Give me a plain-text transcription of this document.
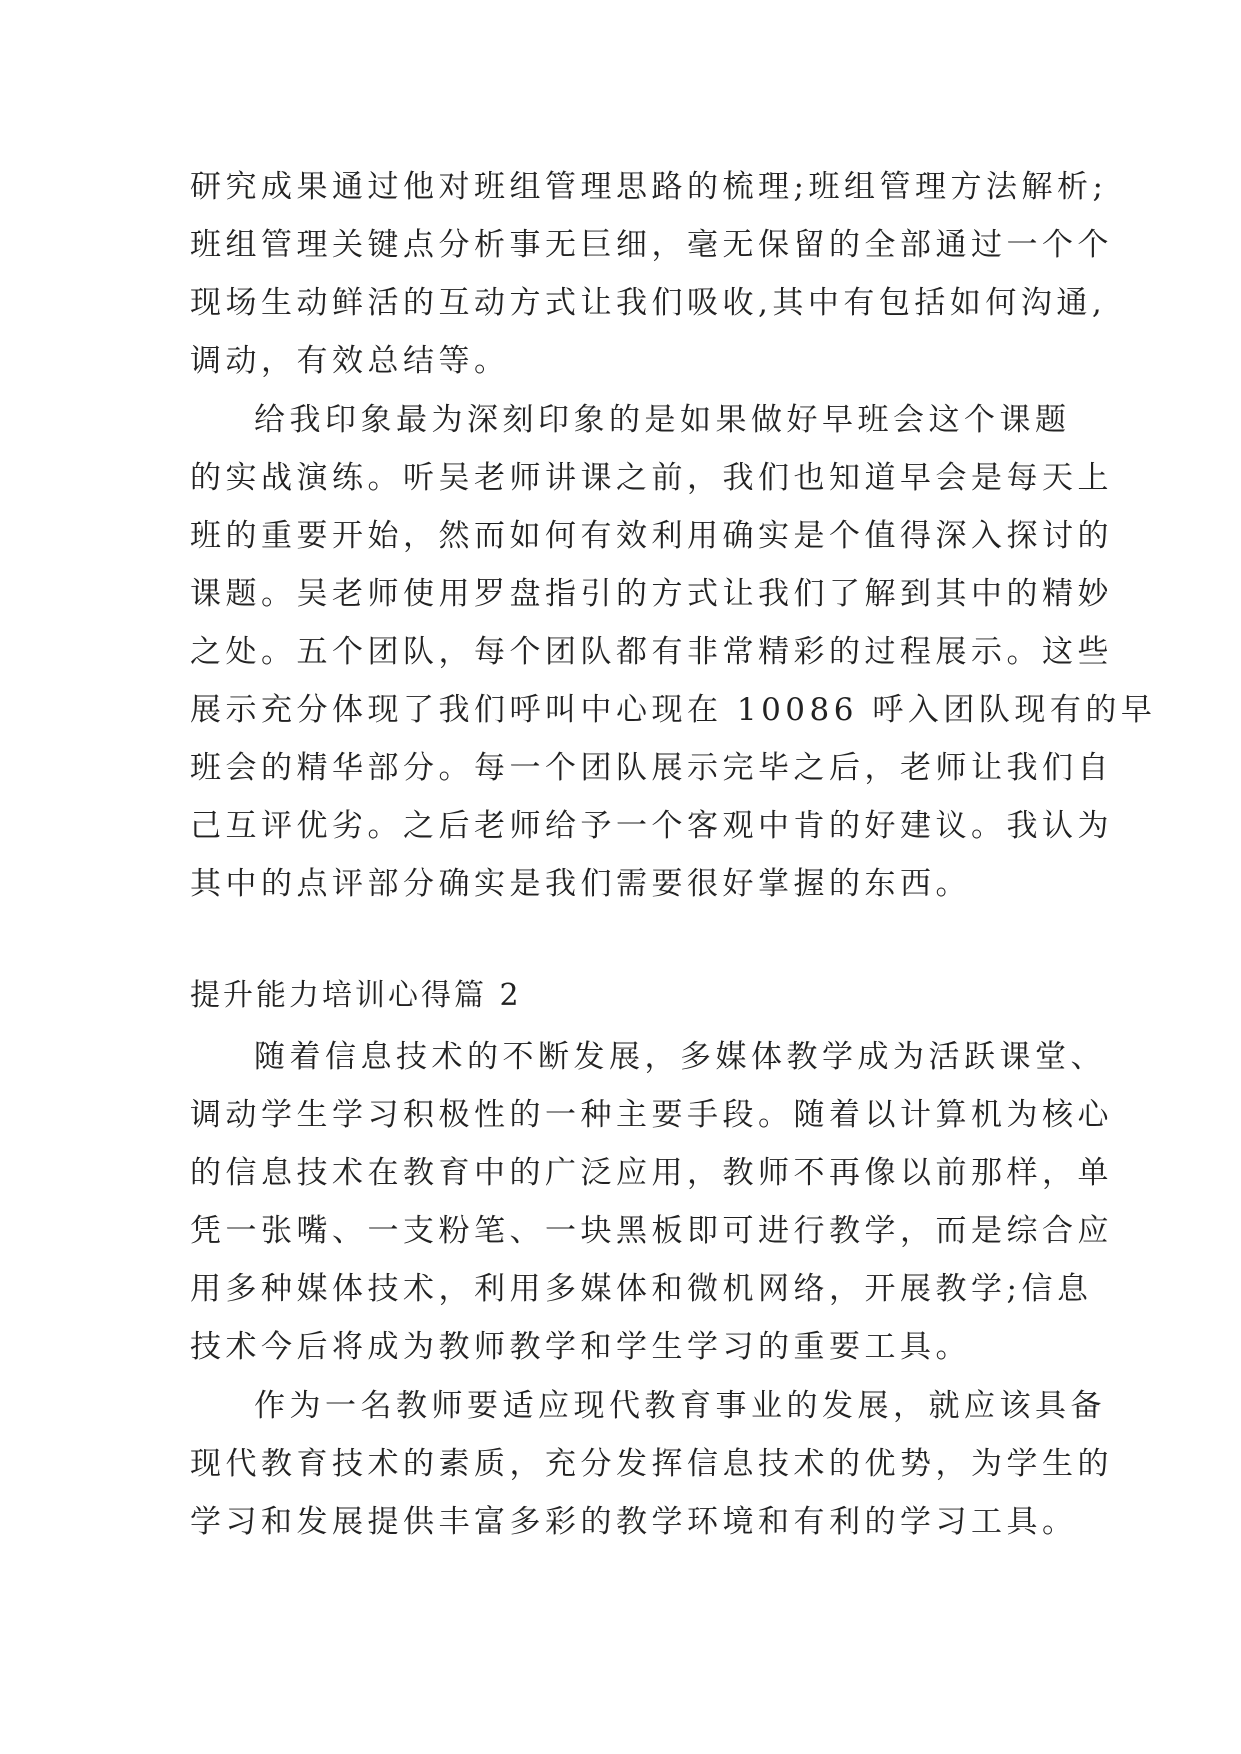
研究成果通过他对班组管理思路的梳理;班组管理方法解析;
班组管理关键点分析事无巨细，毫无保留的全部通过一个个
现场生动鲜活的互动方式让我们吸收,其中有包括如何沟通,
调动，有效总结等。
给我印象最为深刻印象的是如果做好早班会这个课题
的实战演练。听吴老师讲课之前，我们也知道早会是每天上
班的重要开始，然而如何有效利用确实是个值得深入探讨的
课题。吴老师使用罗盘指引的方式让我们了解到其中的精妙
之处。五个团队，每个团队都有非常精彩的过程展示。这些
展示充分体现了我们呼叫中心现在 10086 呼入团队现有的早
班会的精华部分。每一个团队展示完毕之后，老师让我们自
己互评优劣。之后老师给予一个客观中肯的好建议。我认为
其中的点评部分确实是我们需要很好掌握的东西。
提升能力培训心得篇 2
随着信息技术的不断发展，多媒体教学成为活跃课堂、
调动学生学习积极性的一种主要手段。随着以计算机为核心
的信息技术在教育中的广泛应用，教师不再像以前那样，单
凭一张嘴、一支粉笔、一块黑板即可进行教学，而是综合应
用多种媒体技术，利用多媒体和微机网络，开展教学;信息
技术今后将成为教师教学和学生学习的重要工具。
作为一名教师要适应现代教育事业的发展，就应该具备
现代教育技术的素质，充分发挥信息技术的优势，为学生的
学习和发展提供丰富多彩的教学环境和有利的学习工具。
